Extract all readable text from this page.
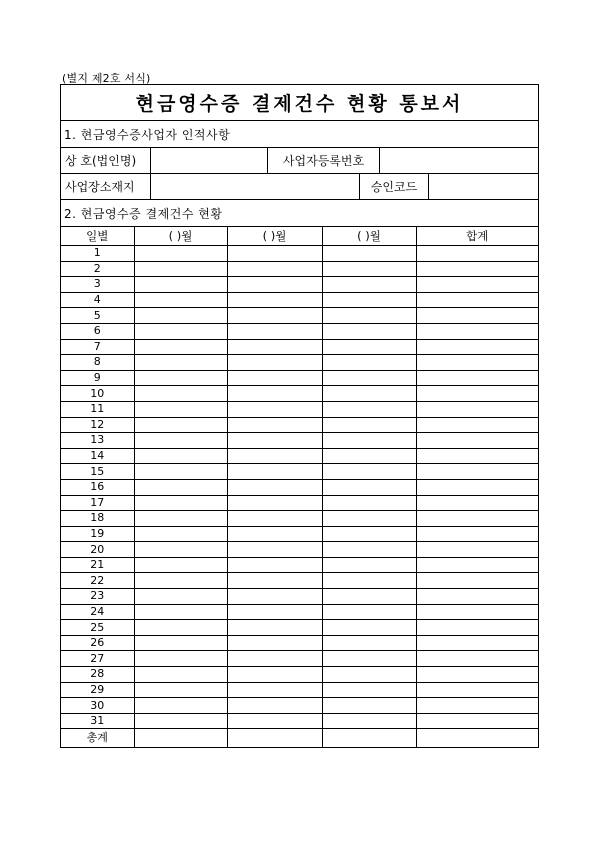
(별지 제2호 서식)
현금영수증 결제건수 현황 통보서
1. 현금영수증사업자 인적사항
상 호(법인명)	사업자등록번호
사업장소재지	승인코드
2. 현금영수증 결제건수 현황
일별	( )월	( )월	( )월	합계
1				
2				
3				
4				
5				
6				
7				
8				
9				
10				
11				
12				
13				
14				
15				
16				
17				
18				
19				
20				
21				
22				
23				
24				
25				
26				
27				
28				
29				
30				
31				
총계				
